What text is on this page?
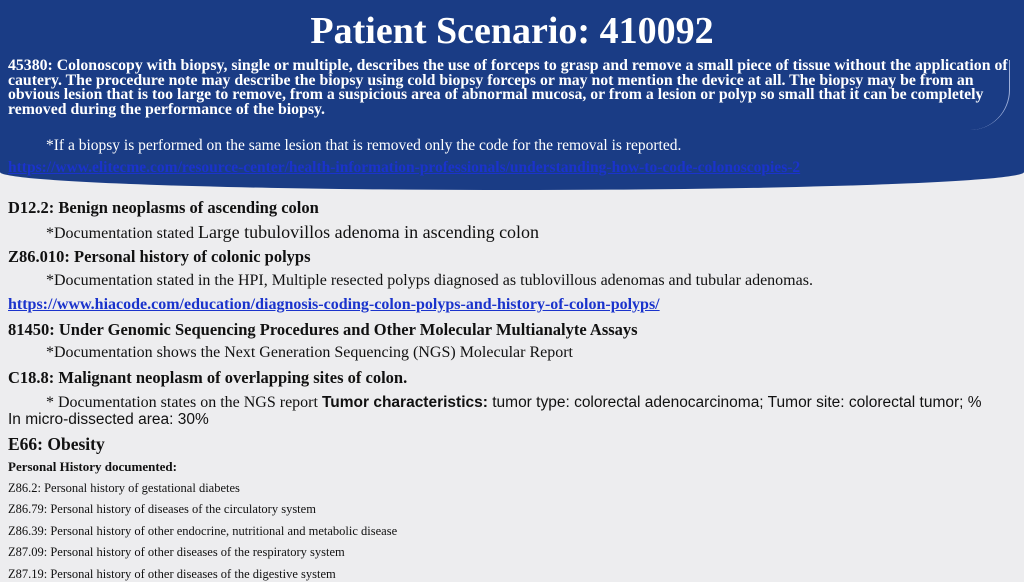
Patient Scenario: 410092
45380: Colonoscopy with biopsy, single or multiple, describes the use of forceps to grasp and remove a small piece of tissue without the application of cautery. The procedure note may describe the biopsy using cold biopsy forceps or may not mention the device at all. The biopsy may be from an obvious lesion that is too large to remove, from a suspicious area of abnormal mucosa, or from a lesion or polyp so small that it can be completely removed during the performance of the biopsy.
*If a biopsy is performed on the same lesion that is removed only the code for the removal is reported.
https://www.elitecme.com/resource-center/health-information-professionals/understanding-how-to-code-colonoscopies-2
D12.2: Benign neoplasms of ascending colon
*Documentation stated Large tubulovillos adenoma in ascending colon
Z86.010: Personal history of colonic polyps
*Documentation stated in the HPI, Multiple resected polyps diagnosed as tublovillous adenomas and tubular adenomas.
https://www.hiacode.com/education/diagnosis-coding-colon-polyps-and-history-of-colon-polyps/
81450: Under Genomic Sequencing Procedures and Other Molecular Multianalyte Assays
*Documentation shows the Next Generation Sequencing (NGS) Molecular Report
C18.8: Malignant neoplasm of overlapping sites of colon.
* Documentation states on the NGS report Tumor characteristics: tumor type: colorectal adenocarcinoma; Tumor site: colorectal tumor; % In micro-dissected area: 30%
E66: Obesity
Personal History documented:
Z86.2: Personal history of gestational diabetes
Z86.79: Personal history of diseases of the circulatory system
Z86.39: Personal history of other endocrine, nutritional and metabolic disease
Z87.09: Personal history of other diseases of the respiratory system
Z87.19: Personal history of other diseases of the digestive system
